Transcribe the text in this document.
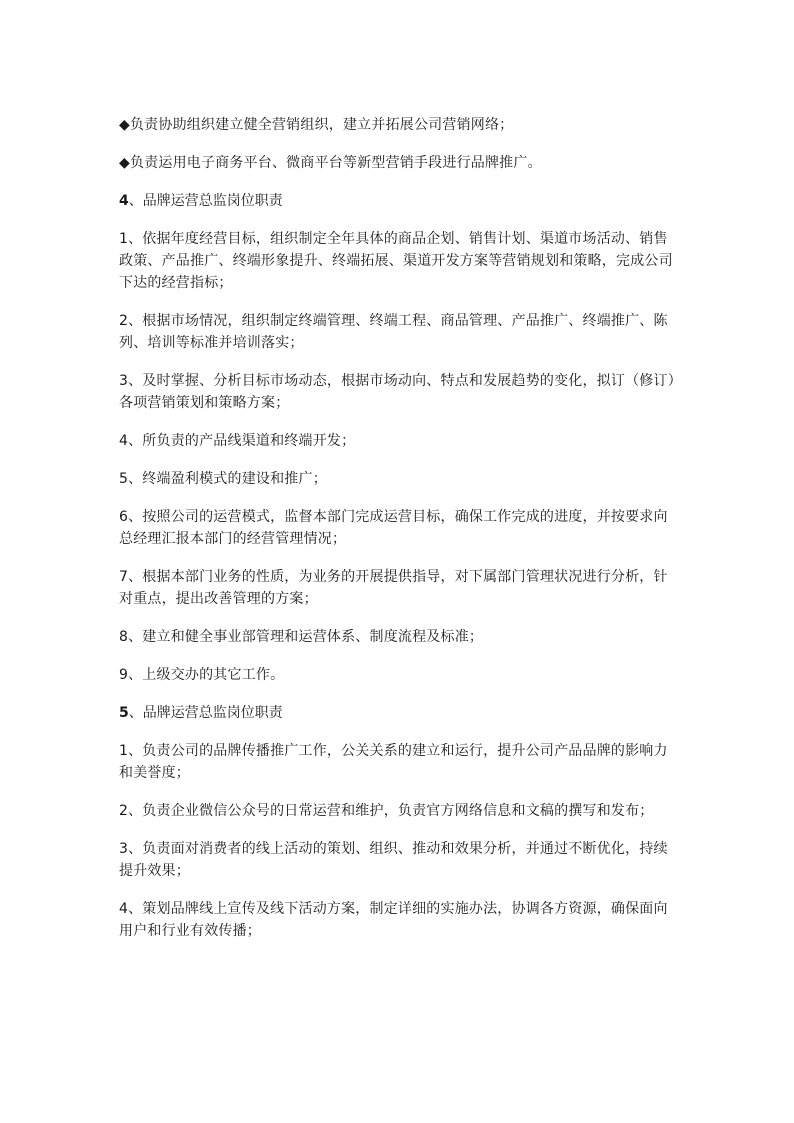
◆负责协助组织建立健全营销组织，建立并拓展公司营销网络；

◆负责运用电子商务平台、微商平台等新型营销手段进行品牌推广。

4、品牌运营总监岗位职责

1、依据年度经营目标，组织制定全年具体的商品企划、销售计划、渠道市场活动、销售政策、产品推广、终端形象提升、终端拓展、渠道开发方案等营销规划和策略，完成公司下达的经营指标；

2、根据市场情况，组织制定终端管理、终端工程、商品管理、产品推广、终端推广、陈列、培训等标准并培训落实；

3、及时掌握、分析目标市场动态，根据市场动向、特点和发展趋势的变化，拟订（修订）各项营销策划和策略方案；

4、所负责的产品线渠道和终端开发；

5、终端盈利模式的建设和推广；

6、按照公司的运营模式，监督本部门完成运营目标，确保工作完成的进度，并按要求向总经理汇报本部门的经营管理情况；

7、根据本部门业务的性质，为业务的开展提供指导，对下属部门管理状况进行分析，针对重点，提出改善管理的方案；

8、建立和健全事业部管理和运营体系、制度流程及标准；

9、上级交办的其它工作。

5、品牌运营总监岗位职责

1、负责公司的品牌传播推广工作，公关关系的建立和运行，提升公司产品品牌的影响力和美誉度；

2、负责企业微信公众号的日常运营和维护，负责官方网络信息和文稿的撰写和发布；

3、负责面对消费者的线上活动的策划、组织、推动和效果分析，并通过不断优化，持续提升效果；

4、策划品牌线上宣传及线下活动方案，制定详细的实施办法，协调各方资源，确保面向用户和行业有效传播；
